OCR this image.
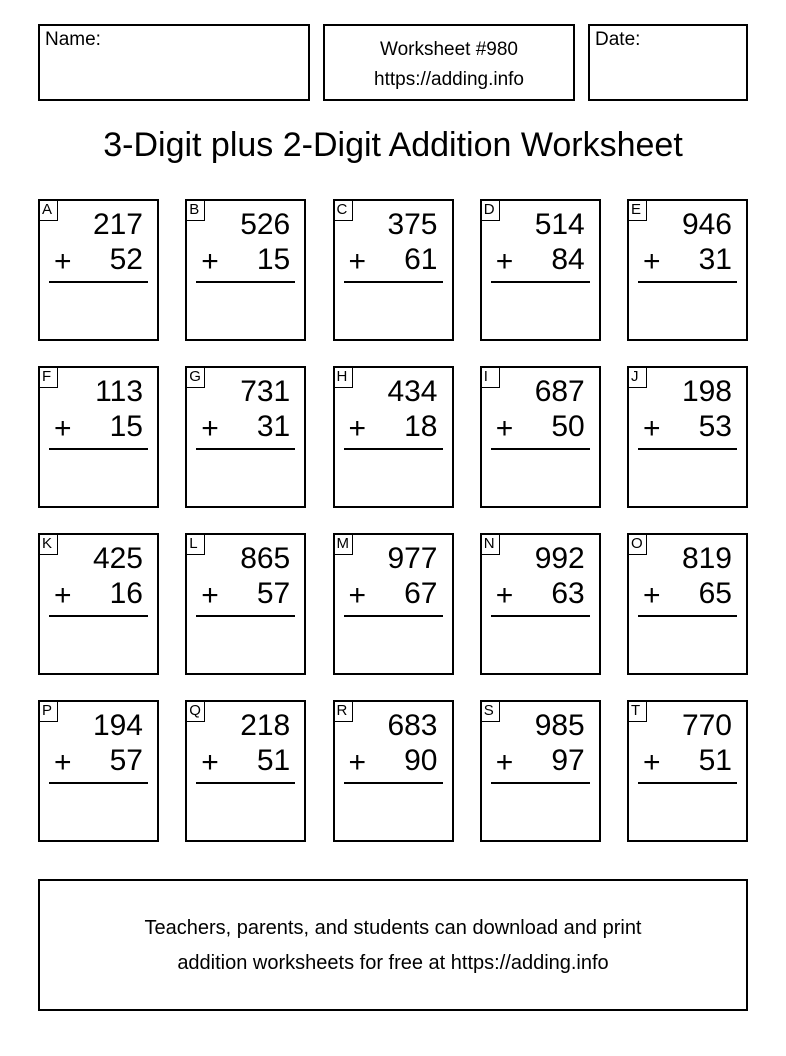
Name:	Worksheet #980
https://adding.info
Date:
3-Digit plus 2-Digit Addition Worksheet
A 217
+ 52
B 526
+ 15
C 375
+ 61
D 514
+ 84
E 946
+ 31
F 113
+ 15
G 731
+ 31
H 434
+ 18
I	687
+ 50
J 198
+ 53
K 425
+ 16
L 865
+ 57
M 977
+ 67
N 992
+ 63
O 819
+ 65
P 194
+ 57
Q 218
+ 51
R 683
+ 90
S 985
+ 97
T 770
+ 51
Teachers, parents, and students can download and print
addition worksheets for free at https://adding.info
